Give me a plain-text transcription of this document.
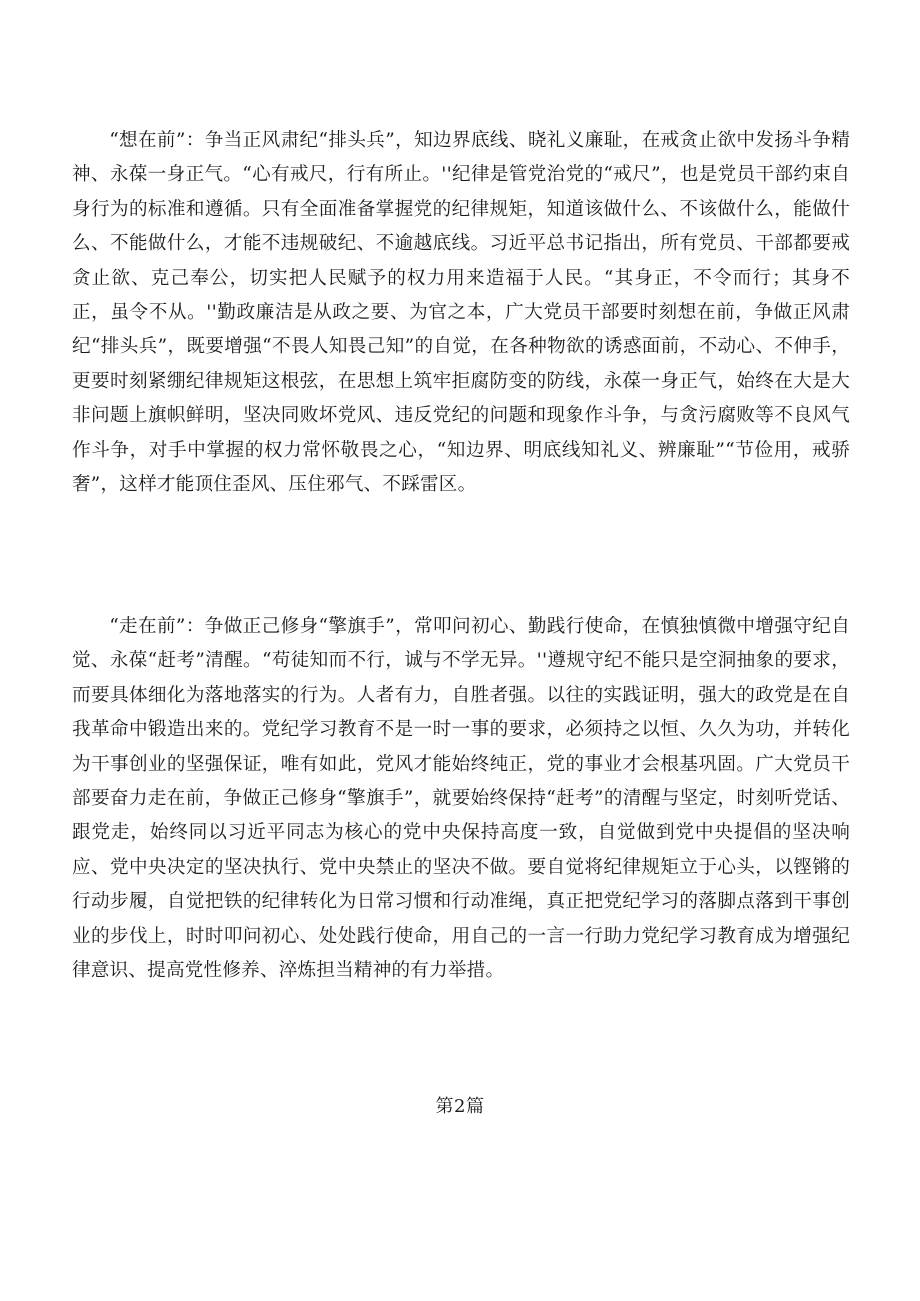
“想在前”：争当正风肃纪“排头兵”，知边界底线、晓礼义廉耻，在戒贪止欲中发扬斗争精神、永葆一身正气。“心有戒尺，行有所止。''纪律是管党治党的“戒尺”，也是党员干部约束自身行为的标准和遵循。只有全面准备掌握党的纪律规矩，知道该做什么、不该做什么，能做什么、不能做什么，才能不违规破纪、不逾越底线。习近平总书记指出，所有党员、干部都要戒贪止欲、克己奉公，切实把人民赋予的权力用来造福于人民。“其身正，不令而行；其身不正，虽令不从。''勤政廉洁是从政之要、为官之本，广大党员干部要时刻想在前，争做正风肃纪“排头兵”，既要增强“不畏人知畏己知”的自觉，在各种物欲的诱惑面前，不动心、不伸手，更要时刻紧绷纪律规矩这根弦，在思想上筑牢拒腐防变的防线，永葆一身正气，始终在大是大非问题上旗帜鲜明，坚决同败坏党风、违反党纪的问题和现象作斗争，与贪污腐败等不良风气作斗争，对手中掌握的权力常怀敬畏之心，“知边界、明底线知礼义、辨廉耻”“节俭用，戒骄奢”，这样才能顶住歪风、压住邪气、不踩雷区。

“走在前”：争做正己修身“擎旗手”，常叩问初心、勤践行使命，在慎独慎微中增强守纪自觉、永葆“赶考”清醒。“苟徒知而不行，诚与不学无异。''遵规守纪不能只是空洞抽象的要求，而要具体细化为落地落实的行为。人者有力，自胜者强。以往的实践证明，强大的政党是在自我革命中锻造出来的。党纪学习教育不是一时一事的要求，必须持之以恒、久久为功，并转化为干事创业的坚强保证，唯有如此，党风才能始终纯正，党的事业才会根基巩固。广大党员干部要奋力走在前，争做正己修身“擎旗手”，就要始终保持“赶考”的清醒与坚定，时刻听党话、跟党走，始终同以习近平同志为核心的党中央保持高度一致，自觉做到党中央提倡的坚决响应、党中央决定的坚决执行、党中央禁止的坚决不做。要自觉将纪律规矩立于心头，以铿锵的行动步履，自觉把铁的纪律转化为日常习惯和行动准绳，真正把党纪学习的落脚点落到干事创业的步伐上，时时叩问初心、处处践行使命，用自己的一言一行助力党纪学习教育成为增强纪律意识、提高党性修养、淬炼担当精神的有力举措。

第2篇
